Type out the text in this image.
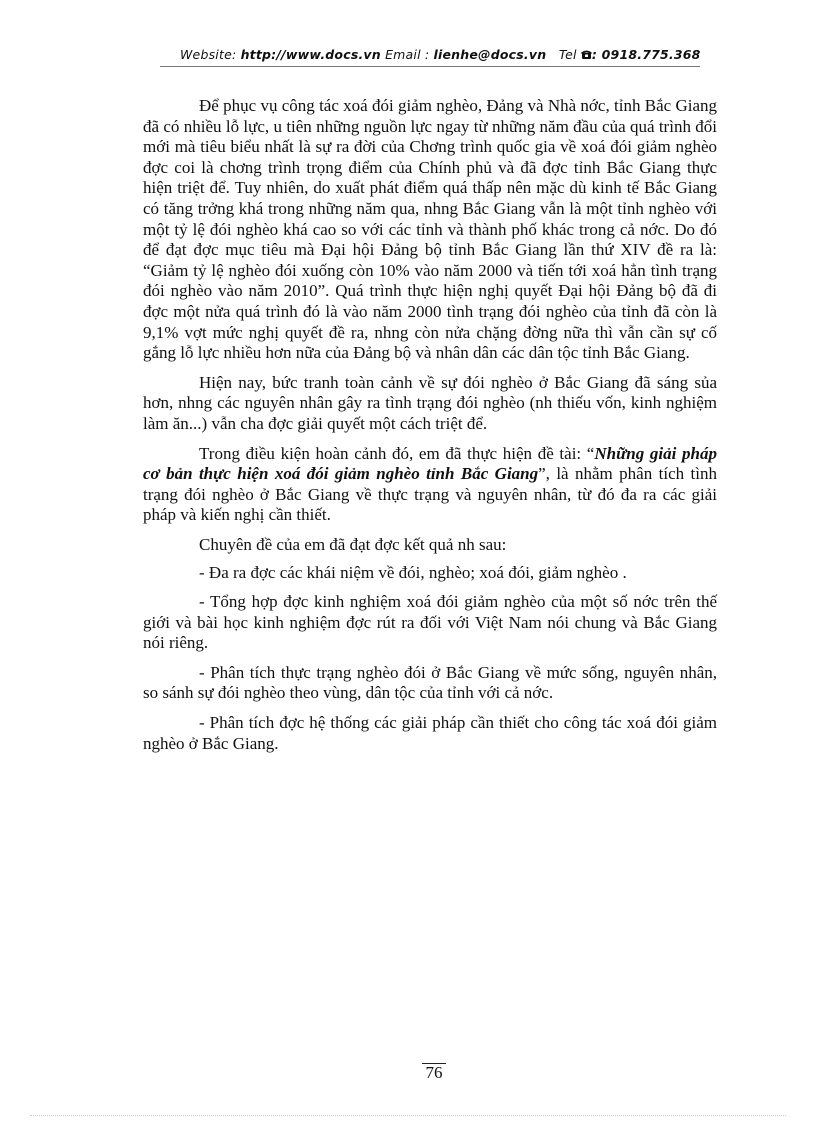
Website: http://www.docs.vn Email : lienhe@docs.vn Tel : 0918.775.368

Để phục vụ công tác xoá đói giảm nghèo, Đảng và Nhà nớc, tỉnh Bắc Giang đã có nhiều lỗ lực, u tiên những nguồn lực ngay từ những năm đầu của quá trình đổi mới mà tiêu biểu nhất là sự ra đời của Chơng trình quốc gia về xoá đói giảm nghèo đợc coi là chơng trình trọng điểm của Chính phủ và đã đợc tỉnh Bắc Giang thực hiện triệt để. Tuy nhiên, do xuất phát điểm quá thấp nên mặc dù kinh tế Bắc Giang có tăng trởng khá trong những năm qua, nhng Bắc Giang vẫn là một tỉnh nghèo với một tỷ lệ đói nghèo khá cao so với các tỉnh và thành phố khác trong cả nớc. Do đó để đạt đợc mục tiêu mà Đại hội Đảng bộ tỉnh Bắc Giang lần thứ XIV đề ra là: “Giảm tỷ lệ nghèo đói xuống còn 10% vào năm 2000 và tiến tới xoá hẳn tình trạng đói nghèo vào năm 2010”. Quá trình thực hiện nghị quyết Đại hội Đảng bộ đã đi đợc một nửa quá trình đó là vào năm 2000 tình trạng đói nghèo của tỉnh đã còn là 9,1% vợt mức nghị quyết đề ra, nhng còn nửa chặng đờng nữa thì vẫn cần sự cố gắng lỗ lực nhiều hơn nữa của Đảng bộ và nhân dân các dân tộc tỉnh Bắc Giang.

Hiện nay, bức tranh toàn cảnh về sự đói nghèo ở Bắc Giang đã sáng sủa hơn, nhng các nguyên nhân gây ra tình trạng đói nghèo (nh thiếu vốn, kinh nghiệm làm ăn...) vẫn cha đợc giải quyết một cách triệt để.

Trong điều kiện hoàn cảnh đó, em đã thực hiện đề tài: “Những giải pháp cơ bản thực hiện xoá đói giảm nghèo tỉnh Bắc Giang”, là nhằm phân tích tình trạng đói nghèo ở Bắc Giang về thực trạng và nguyên nhân, từ đó đa ra các giải pháp và kiến nghị cần thiết.

Chuyên đề của em đã đạt đợc kết quả nh sau:

- Đa ra đợc các khái niệm về đói, nghèo; xoá đói, giảm nghèo .

- Tổng hợp đợc kinh nghiệm xoá đói giảm nghèo của một số nớc trên thế giới và bài học kinh nghiệm đợc rút ra đối với Việt Nam nói chung và Bắc Giang nói riêng.

- Phân tích thực trạng nghèo đói ở Bắc Giang về mức sống, nguyên nhân, so sánh sự đói nghèo theo vùng, dân tộc của tỉnh với cả nớc.

- Phân tích đợc hệ thống các giải pháp cần thiết cho công tác xoá đói giảm nghèo ở Bắc Giang.

76
